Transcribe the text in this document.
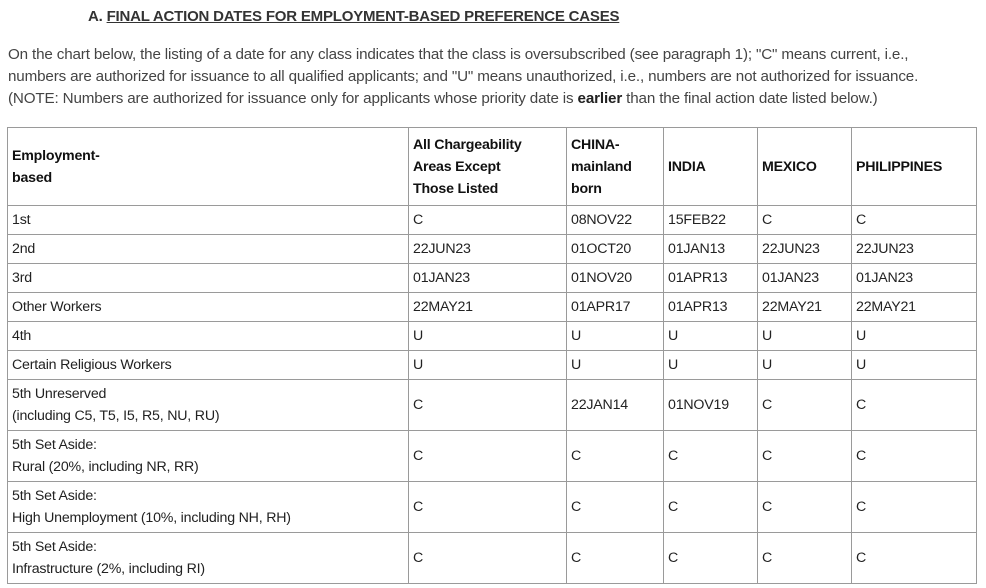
A. FINAL ACTION DATES FOR EMPLOYMENT-BASED PREFERENCE CASES
On the chart below, the listing of a date for any class indicates that the class is oversubscribed (see paragraph 1); "C" means current, i.e., numbers are authorized for issuance to all qualified applicants; and "U" means unauthorized, i.e., numbers are not authorized for issuance. (NOTE: Numbers are authorized for issuance only for applicants whose priority date is earlier than the final action date listed below.)
Employment-
based	All Chargeability
Areas Except
Those Listed	CHINA-
mainland
born	INDIA	MEXICO	PHILIPPINES
1st	C	08NOV22	15FEB22	C	C
2nd	22JUN23	01OCT20	01JAN13	22JUN23	22JUN23
3rd	01JAN23	01NOV20	01APR13	01JAN23	01JAN23
Other Workers	22MAY21	01APR17	01APR13	22MAY21	22MAY21
4th	U	U	U	U	U
Certain Religious Workers	U	U	U	U	U
5th Unreserved
(including C5, T5, I5, R5, NU, RU)	C	22JAN14	01NOV19	C	C
5th Set Aside:
Rural (20%, including NR, RR)	C	C	C	C	C
5th Set Aside:
High Unemployment (10%, including NH, RH)	C	C	C	C	C
5th Set Aside:
Infrastructure (2%, including RI)	C	C	C	C	C
